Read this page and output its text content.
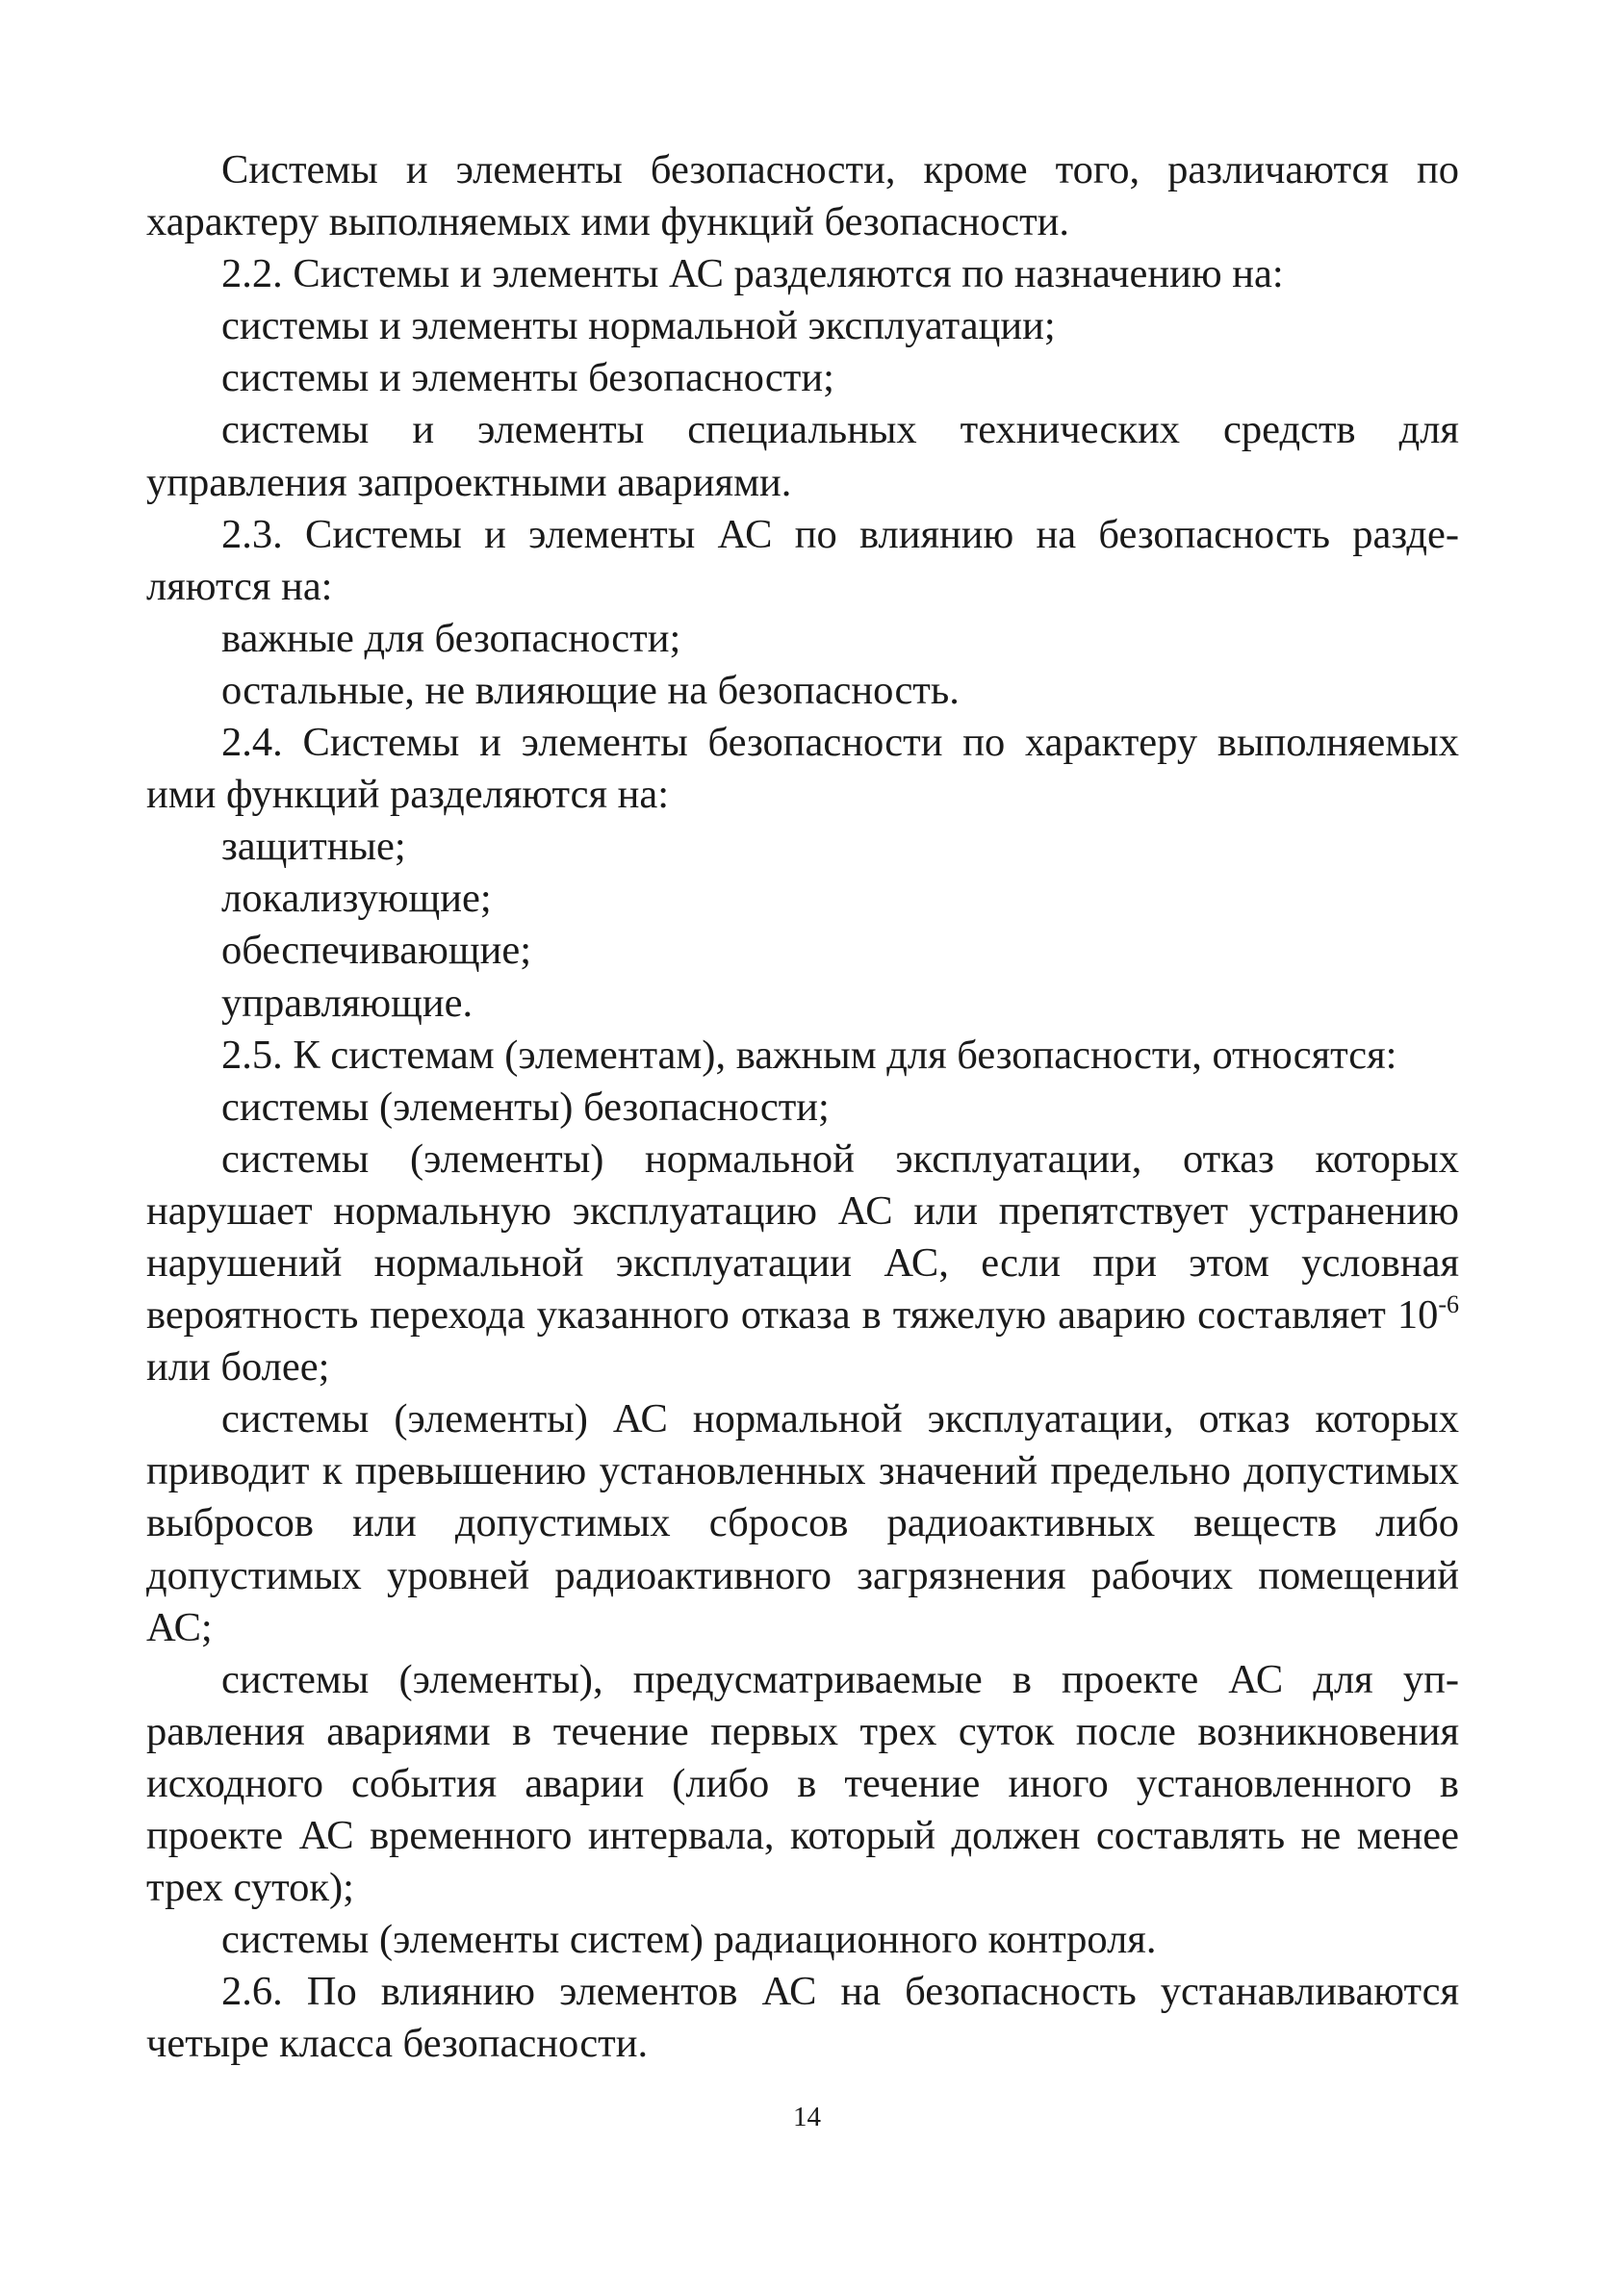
Системы и элементы безопасности, кроме того, различаются по характеру выполняемых ими функций безопасности.

2.2. Системы и элементы АС разделяются по назначению на:

системы и элементы нормальной эксплуатации;

системы и элементы безопасности;

системы и элементы специальных технических средств для управления запроектными авариями.

2.3. Системы и элементы АС по влиянию на безопасность разделяются на:

важные для безопасности;

остальные, не влияющие на безопасность.

2.4. Системы и элементы безопасности по характеру выполняемых ими функций разделяются на:

защитные;

локализующие;

обеспечивающие;

управляющие.

2.5. К системам (элементам), важным для безопасности, относятся:

системы (элементы) безопасности;

системы (элементы) нормальной эксплуатации, отказ которых нарушает нормальную эксплуатацию АС или препятствует устранению нарушений нормальной эксплуатации АС, если при этом условная вероятность перехода указанного отказа в тяжелую аварию составляет $10^{-6}$ или более;

системы (элементы) АС нормальной эксплуатации, отказ которых приводит к превышению установленных значений предельно допустимых выбросов или допустимых сбросов радиоактивных веществ либо допустимых уровней радиоактивного загрязнения рабочих помещений АС;

системы (элементы), предусматриваемые в проекте АС для управления авариями в течение первых трех суток после возникновения исходного события аварии (либо в течение иного установленного в проекте АС временного интервала, который должен составлять не менее трех суток);

системы (элементы систем) радиационного контроля.

2.6. По влиянию элементов АС на безопасность устанавливаются четыре класса безопасности.

14
